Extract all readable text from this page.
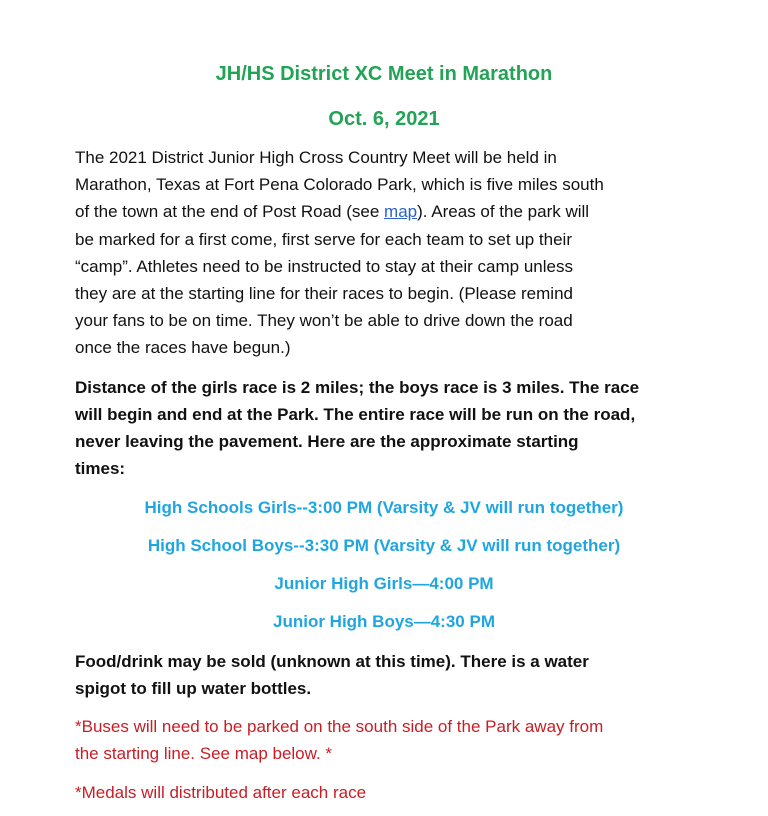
JH/HS District XC Meet in Marathon
Oct. 6, 2021

The 2021 District Junior High Cross Country Meet will be held in
Marathon, Texas at Fort Pena Colorado Park, which is five miles south
of the town at the end of Post Road (see map). Areas of the park will
be marked for a first come, first serve for each team to set up their
“camp”. Athletes need to be instructed to stay at their camp unless
they are at the starting line for their races to begin. (Please remind
your fans to be on time. They won’t be able to drive down the road
once the races have begun.)

Distance of the girls race is 2 miles; the boys race is 3 miles. The race
will begin and end at the Park. The entire race will be run on the road,
never leaving the pavement. Here are the approximate starting
times:

High Schools Girls--3:00 PM (Varsity & JV will run together)
High School Boys--3:30 PM (Varsity & JV will run together)
Junior High Girls—4:00 PM
Junior High Boys—4:30 PM

Food/drink may be sold (unknown at this time). There is a water
spigot to fill up water bottles.

*Buses will need to be parked on the south side of the Park away from
the starting line. See map below. *

*Medals will distributed after each race
